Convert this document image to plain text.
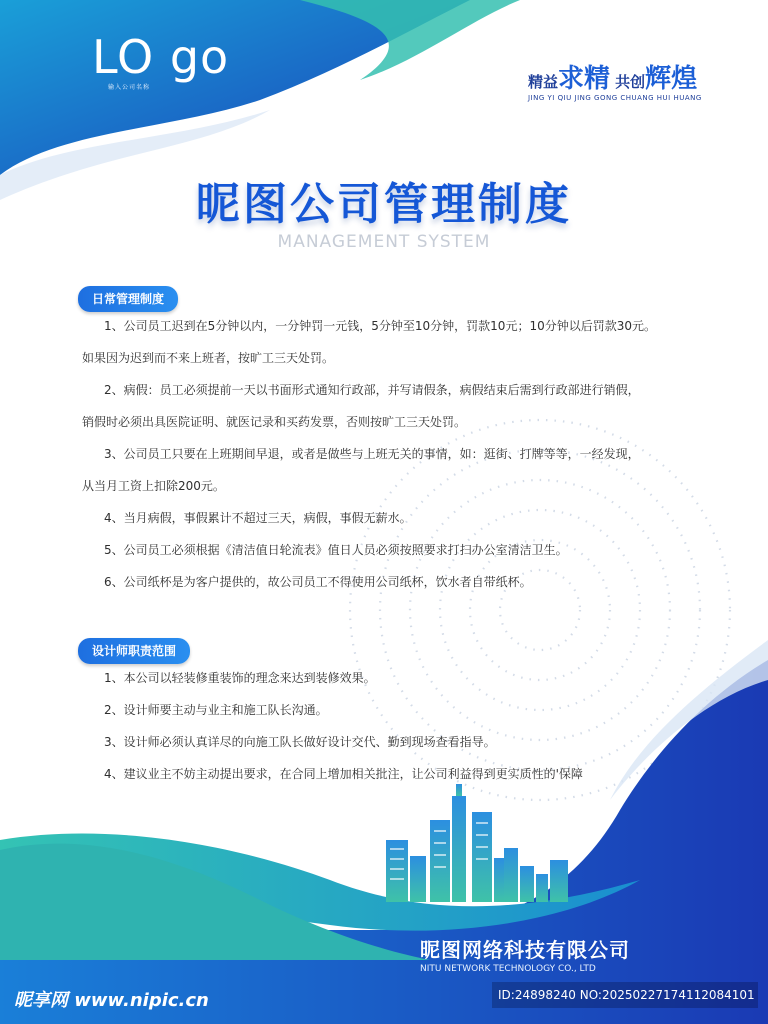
LO go
输入公司名称	精益求精 共创辉煌
JING YI QIU JING GONG CHUANG HUI HUANG
昵图公司管理制度
MANAGEMENT SYSTEM
日常管理制度

1、公司员工迟到在5分钟以内，一分钟罚一元钱，5分钟至10分钟，罚款10元；10分钟以后罚款30元。

如果因为迟到而不来上班者，按旷工三天处罚。

2、病假：员工必须提前一天以书面形式通知行政部，并写请假条，病假结束后需到行政部进行销假，

销假时必须出具医院证明、就医记录和买药发票，否则按旷工三天处罚。

3、公司员工只要在上班期间早退，或者是做些与上班无关的事情，如：逛街、打牌等等，一经发现，

从当月工资上扣除200元。

4、当月病假，事假累计不超过三天，病假，事假无薪水。

5、公司员工必须根据《清洁值日轮流表》值日人员必须按照要求打扫办公室清洁卫生。

6、公司纸杯是为客户提供的，故公司员工不得使用公司纸杯，饮水者自带纸杯。

设计师职责范围

1、本公司以轻装修重装饰的理念来达到装修效果。

2、设计师要主动与业主和施工队长沟通。

3、设计师必须认真详尽的向施工队长做好设计交代、勤到现场查看指导。

4、建议业主不妨主动提出要求，在合同上增加相关批注，让公司利益得到更实质性的'保障

昵图网络科技有限公司
NITU NETWORK TECHNOLOGY CO., LTD
昵享网 www.nipic.cn	ID:24898240 NO:20250227174112084101
